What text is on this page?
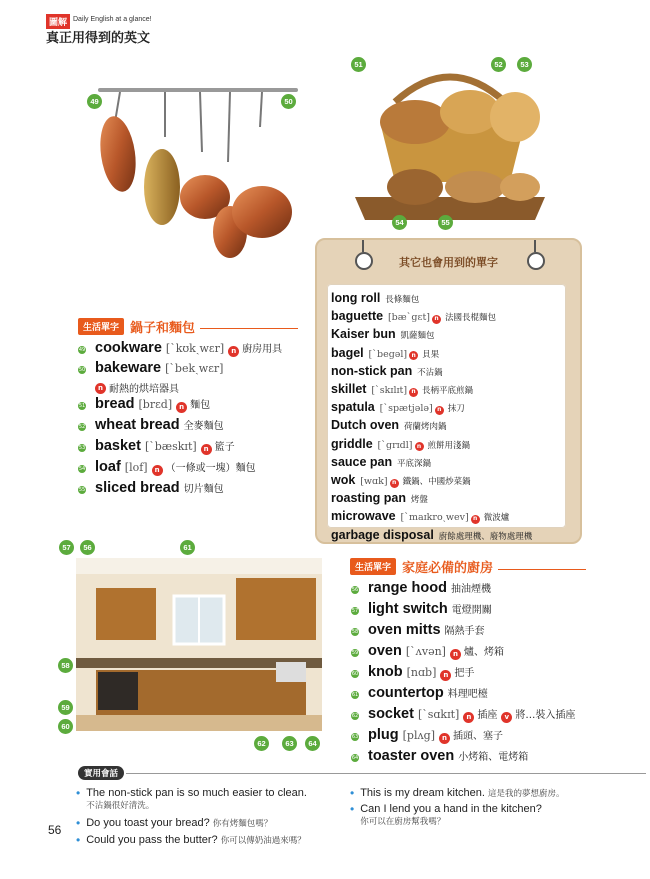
圖解 Daily English at a glance!
真正用得到的英文
49	50
51	52	53
54	55
生活單字 鍋子和麵包
49 cookware [ˋkʊkˏwɛr]	n 廚房用具
50 bakeware [ˋbekˏwɛr]
n 耐熱的烘培器具
51 bread [brɛd]	n 麵包
52 wheat bread 全麥麵包
53 basket [ˋbæskɪt]	n 籃子
54 loaf [lof]	n （一條或一塊）麵包
55 sliced bread 切片麵包
其它也會用到的單字
long roll 長條麵包
baguette [bæˋgɛt] n 法國長棍麵包
Kaiser bun 凱薩麵包
bagel [ˋbegəl] n 貝果
non-stick pan 不沾鍋
skillet [ˋskɪlɪt] n 長柄平底煎鍋
spatula [ˋspætjələ] n 抹刀
Dutch oven 荷蘭烤肉鍋
griddle [ˋgrɪdl] n 煎餅用淺鍋
sauce pan 平底深鍋
wok [wɑk] n 鐵鍋、中國炒菜鍋
roasting pan 烤盤
microwave [ˋmaɪkroˏwev] n 微波爐
garbage disposal 廚餘處理機、廢物處理機
57	56	61
58
59
60
62	63	64
生活單字 家庭必備的廚房
56 range hood 抽油煙機
57 light switch 電燈開關
58 oven mitts 隔熱手套
59 oven [ˋʌvən]	n 爐、烤箱
60 knob [nɑb]	n 把手
61 countertop 料理吧檯
62 socket [ˋsɑkɪt]	n 插座	v 將…裝入插座
63 plug [plʌg]	n 插頭、塞子
64 toaster oven 小烤箱、電烤箱
實用會話
• The non-stick pan is so much easier to clean.
不沾鍋很好清洗。
• Do you toast your bread? 你有烤麵包嗎？
• Could you pass the butter? 你可以傳奶油過來嗎？
• This is my dream kitchen. 這是我的夢想廚房。
• Can I lend you a hand in the kitchen?
你可以在廚房幫我嗎？
56
